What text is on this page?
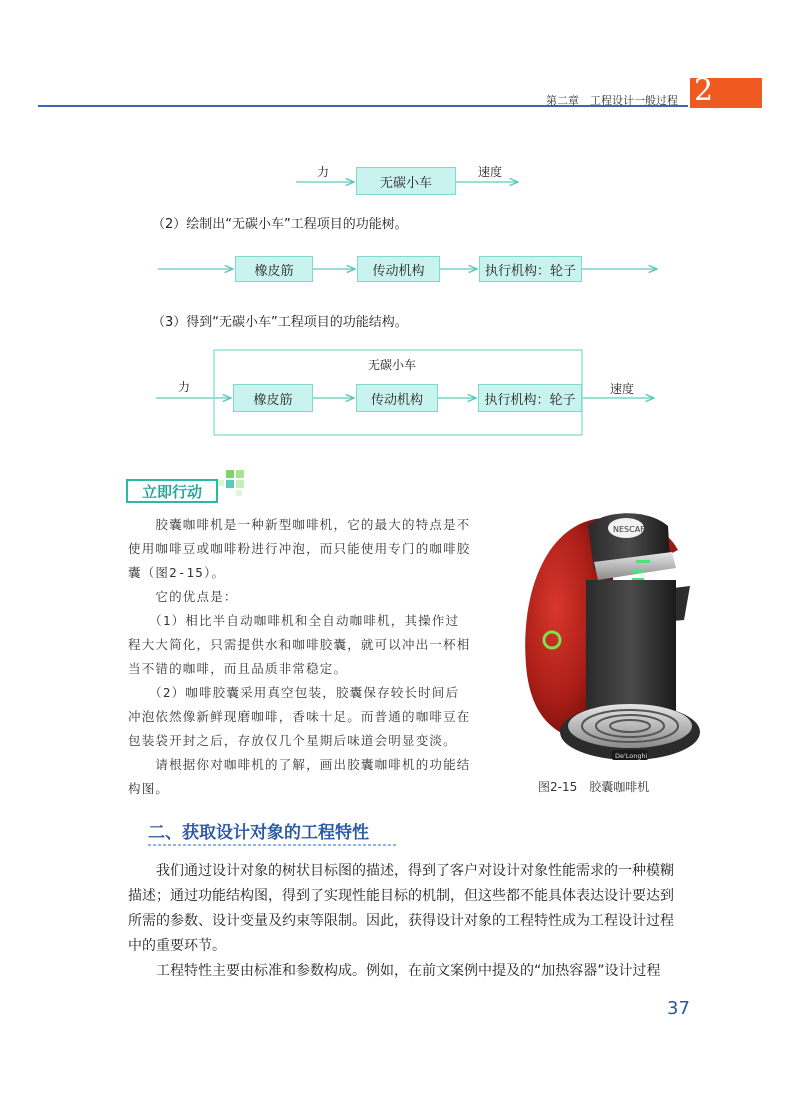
第二章　工程设计一般过程 2
力
无碳小车
速度
（2）绘制出“无碳小车”工程项目的功能树。
橡皮筋	传动机构	执行机构：轮子
（3）得到“无碳小车”工程项目的功能结构。
无碳小车
力
橡皮筋	传动机构	执行机构：轮子
速度
立即行动
　　胶囊咖啡机是一种新型咖啡机，它的最大的特点是不
使用咖啡豆或咖啡粉进行冲泡，而只能使用专门的咖啡胶
囊（图2-15）。
　　它的优点是：
　　（1）相比半自动咖啡机和全自动咖啡机，其操作过
程大大简化，只需提供水和咖啡胶囊，就可以冲出一杯相
当不错的咖啡，而且品质非常稳定。
　　（2）咖啡胶囊采用真空包装，胶囊保存较长时间后
冲泡依然像新鲜现磨咖啡，香味十足。而普通的咖啡豆在
包装袋开封之后，存放仅几个星期后味道会明显变淡。
　　请根据你对咖啡机的了解，画出胶囊咖啡机的功能结
构图。
NESCAFÉ
De'Longhi
图2-15　胶囊咖啡机
二、获取设计对象的工程特性
　　我们通过设计对象的树状目标图的描述，得到了客户对设计对象性能需求的一种模糊
描述；通过功能结构图，得到了实现性能目标的机制，但这些都不能具体表达设计要达到
所需的参数、设计变量及约束等限制。因此，获得设计对象的工程特性成为工程设计过程
中的重要环节。
　　工程特性主要由标准和参数构成。例如，在前文案例中提及的“加热容器”设计过程
37
